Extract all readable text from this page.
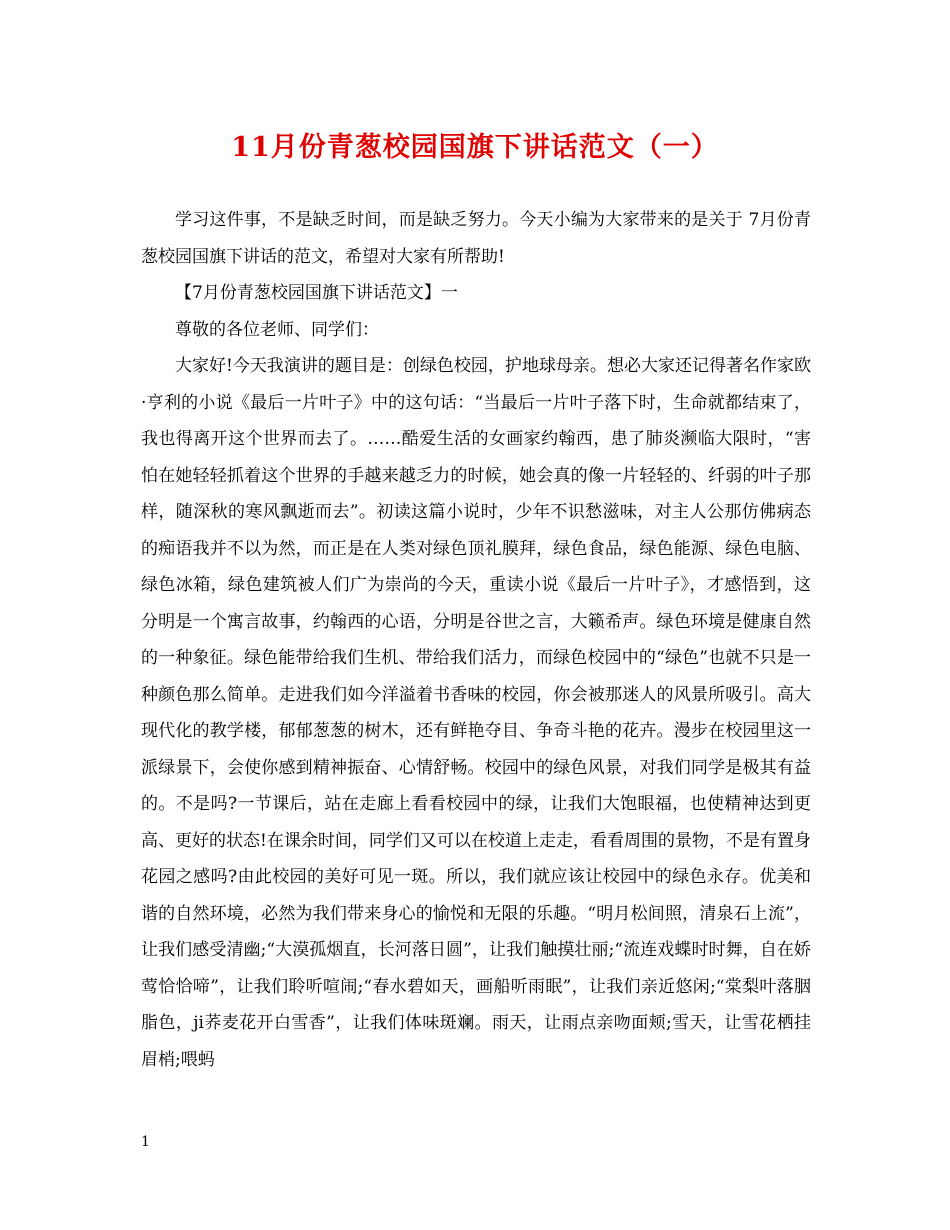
11月份青葱校园国旗下讲话范文（一）

学习这件事，不是缺乏时间，而是缺乏努力。今天小编为大家带来的是关于 7月份青葱校园国旗下讲话的范文，希望对大家有所帮助!

【7月份青葱校园国旗下讲话范文】一

尊敬的各位老师、同学们：

大家好!今天我演讲的题目是：创绿色校园，护地球母亲。想必大家还记得著名作家欧·亨利的小说《最后一片叶子》中的这句话：“当最后一片叶子落下时，生命就都结束了，我也得离开这个世界而去了。……酷爱生活的女画家约翰西，患了肺炎濒临大限时，“害怕在她轻轻抓着这个世界的手越来越乏力的时候，她会真的像一片轻轻的、纤弱的叶子那样，随深秋的寒风飘逝而去”。初读这篇小说时，少年不识愁滋味，对主人公那仿佛病态的痴语我并不以为然，而正是在人类对绿色顶礼膜拜，绿色食品，绿色能源、绿色电脑、绿色冰箱，绿色建筑被人们广为崇尚的今天，重读小说《最后一片叶子》，才感悟到，这分明是一个寓言故事，约翰西的心语，分明是谷世之言，大籁希声。绿色环境是健康自然的一种象征。绿色能带给我们生机、带给我们活力，而绿色校园中的“绿色”也就不只是一种颜色那么简单。走进我们如今洋溢着书香味的校园，你会被那迷人的风景所吸引。高大现代化的教学楼，郁郁葱葱的树木，还有鲜艳夺目、争奇斗艳的花卉。漫步在校园里这一派绿景下，会使你感到精神振奋、心情舒畅。校园中的绿色风景，对我们同学是极其有益的。不是吗?一节课后，站在走廊上看看校园中的绿，让我们大饱眼福，也使精神达到更高、更好的状态!在课余时间，同学们又可以在校道上走走，看看周围的景物，不是有置身花园之感吗?由此校园的美好可见一斑。所以，我们就应该让校园中的绿色永存。优美和谐的自然环境，必然为我们带来身心的愉悦和无限的乐趣。“明月松间照，清泉石上流”，让我们感受清幽;“大漠孤烟直，长河落日圆”，让我们触摸壮丽;“流连戏蝶时时舞，自在娇莺恰恰啼”，让我们聆听喧闹;“春水碧如天，画船听雨眠”，让我们亲近悠闲;“棠梨叶落胭脂色，ji荞麦花开白雪香”，让我们体味斑斓。雨天，让雨点亲吻面颊;雪天，让雪花栖挂眉梢;喂蚂

1
